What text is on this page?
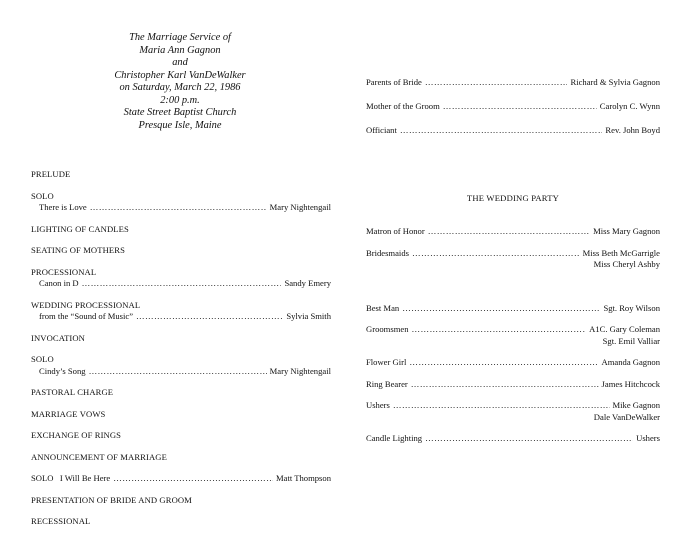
The Marriage Service of
Maria Ann Gagnon
and
Christopher Karl VanDeWalker
on Saturday, March 22, 1986
2:00 p.m.
State Street Baptist Church
Presque Isle, Maine
PRELUDE
SOLO
There is Love …………………………………………………………………………………………………………………………………………………………………………	Mary Nightengail
LIGHTING OF CANDLES
SEATING OF MOTHERS
PROCESSIONAL
Canon in D …………………………………………………………………………………………………………………………………………………………………………	Sandy Emery
WEDDING PROCESSIONAL
from the “Sound of Music” …………………………………………………………………………………………………………………………………………………………………………	Sylvia Smith
INVOCATION
SOLO
Cindy’s Song …………………………………………………………………………………………………………………………………………………………………………	Mary Nightengail
PASTORAL CHARGE
MARRIAGE VOWS
EXCHANGE OF RINGS
ANNOUNCEMENT OF MARRIAGE
SOLO   I Will Be Here …………………………………………………………………………………………………………………………………………………………………………	Matt Thompson
PRESENTATION OF BRIDE AND GROOM
RECESSIONAL
Parents of Bride …………………………………………………………………………………………………………………………………………………………………………	Richard & Sylvia Gagnon
Mother of the Groom …………………………………………………………………………………………………………………………………………………………………………	Carolyn C. Wynn
Officiant …………………………………………………………………………………………………………………………………………………………………………	Rev. John Boyd
THE WEDDING PARTY
Matron of Honor …………………………………………………………………………………………………………………………………………………………………………	Miss Mary Gagnon
Bridesmaids …………………………………………………………………………………………………………………………………………………………………………	Miss Beth McGarrigle
Miss Cheryl Ashby
Best Man …………………………………………………………………………………………………………………………………………………………………………	Sgt. Roy Wilson
Groomsmen …………………………………………………………………………………………………………………………………………………………………………	A1C. Gary Coleman
Sgt. Emil Valliar
Flower Girl …………………………………………………………………………………………………………………………………………………………………………	Amanda Gagnon
Ring Bearer …………………………………………………………………………………………………………………………………………………………………………	James Hitchcock
Ushers …………………………………………………………………………………………………………………………………………………………………………	Mike Gagnon
Dale VanDeWalker
Candle Lighting …………………………………………………………………………………………………………………………………………………………………………	Ushers
